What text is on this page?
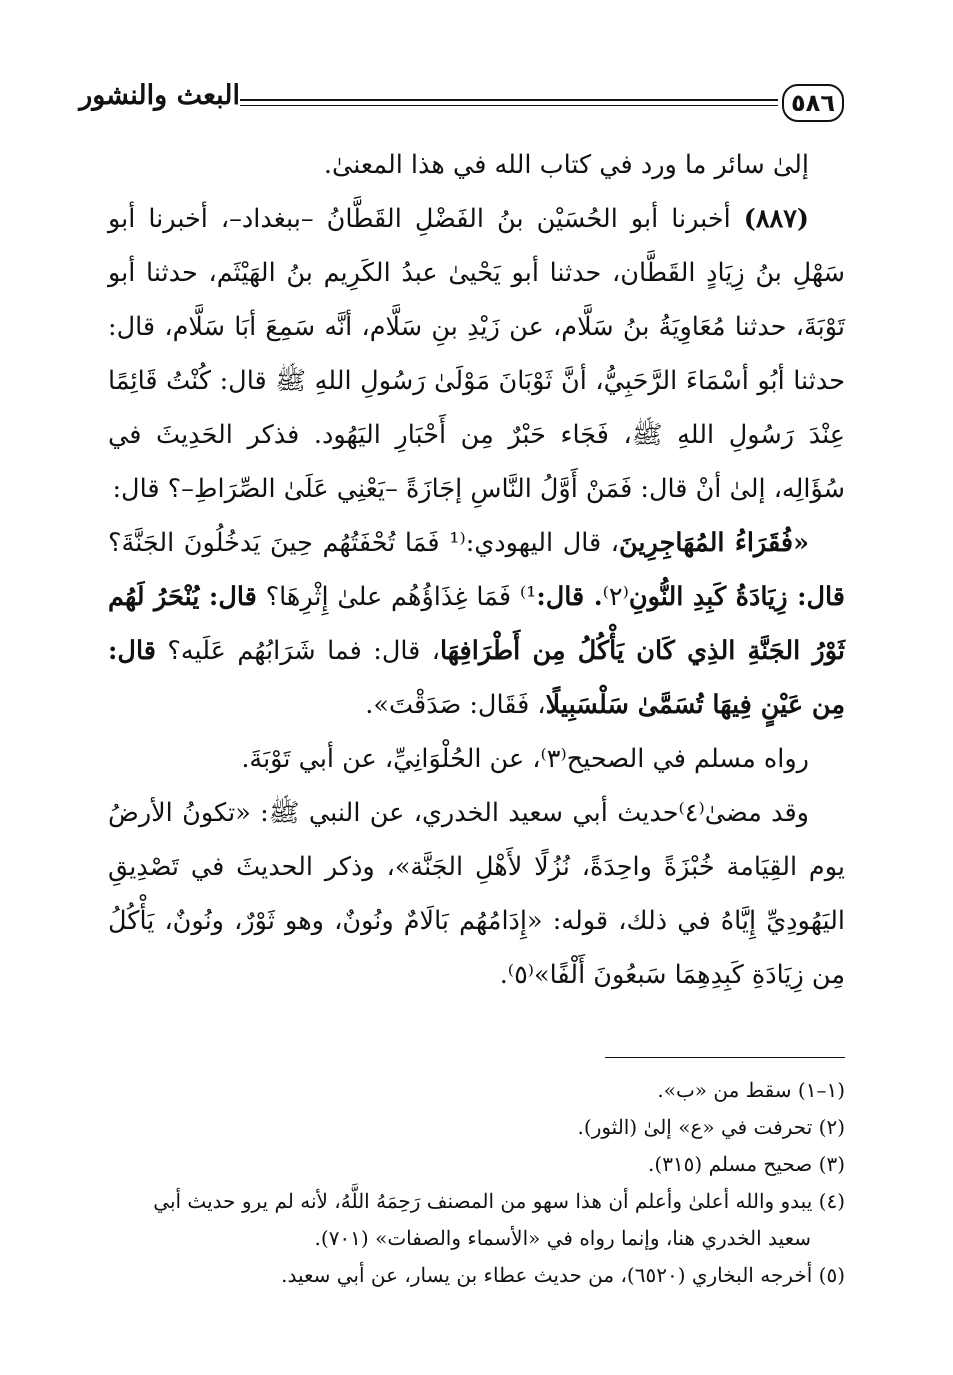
٥٨٦
البعث والنشور

إلىٰ سائر ما ورد في كتاب الله في هذا المعنىٰ.

(٨٨٧) أخبرنا أبو الحُسَيْن بنُ الفَضْلِ القَطَّانُ –ببغداد–، أخبرنا أبو سَهْلِ بنُ زِيَادٍ القَطَّان، حدثنا أبو يَحْيىٰ عبدُ الكَرِيم بنُ الهَيْثَم، حدثنا أبو تَوْبَةَ، حدثنا مُعَاوِيَةُ بنُ سَلَّام، عن زَيْدِ بنِ سَلَّام، أنَّه سَمِعَ أبَا سَلَّام، قال: حدثنا أبُو أسْمَاءَ الرَّحَبِيُّ، أنَّ ثَوْبَانَ مَوْلَىٰ رَسُولِ اللهِ ﷺ قال: كُنْتُ قَائِمًا عِنْدَ رَسُولِ اللهِ ﷺ، فَجَاء حَبْرٌ مِن أَحْبَارِ اليَهُود. فذكر الحَدِيثَ في سُؤَالِه، إلىٰ أنْ قال: فَمَنْ أَوَّلُ النَّاسِ إجَازَةً –يَعْنِي عَلَىٰ الصِّرَاطِ–؟ قال:

«فُقَرَاءُ المُهَاجِرِينَ، قال اليهودي:⁽¹ فَمَا تُحْفَتُهُم حِينَ يَدخُلُونَ الجَنَّةَ؟ قال: زِيَادَةُ كَبِدِ النُّونِ⁽٢⁾. قال:¹⁾ فَمَا غِذَاؤُهُم علىٰ إِثْرِهَا؟ قال: يُنْحَرُ لَهُم ثَوْرُ الجَنَّةِ الذِي كَان يَأْكُلُ مِن أَطْرَافِهَا، قال: فما شَرَابُهُم عَلَيه؟ قال: مِن عَيْنٍ فِيهَا تُسَمَّىٰ سَلْسَبِيلًا، فَقَال: صَدَقْتَ».

رواه مسلم في الصحيح⁽٣⁾، عن الحُلْوَانِيِّ، عن أبي تَوْبَةَ.

وقد مضىٰ⁽٤⁾حديث أبي سعيد الخدري، عن النبي ﷺ: «تكونُ الأرضُ يوم القِيَامة خُبْزَةً واحِدَةً، نُزُلًا لأَهْلِ الجَنَّة»، وذكر الحديثَ في تَصْدِيقِ اليَهُودِيِّ إِيَّاهُ في ذلك، قوله: «إِدَامُهُم بَالَامٌ ونُونٌ، وهو ثَوْرٌ، ونُونٌ، يَأْكُلُ مِن زِيَادَةِ كَبِدِهِمَا سَبعُونَ أَلْفًا»⁽٥⁾.

(١–١) سقط من «ب».

(٢) تحرفت في «ع» إلىٰ (الثور).

(٣) صحيح مسلم (٣١٥).

(٤) يبدو والله أعلىٰ وأعلم أن هذا سهو من المصنف رَحِمَهُ اللَّهُ، لأنه لم يرو حديث أبي

سعيد الخدري هنا، وإنما رواه في «الأسماء والصفات» (٧٠١).

(٥) أخرجه البخاري (٦٥٢٠)، من حديث عطاء بن يسار، عن أبي سعيد.
